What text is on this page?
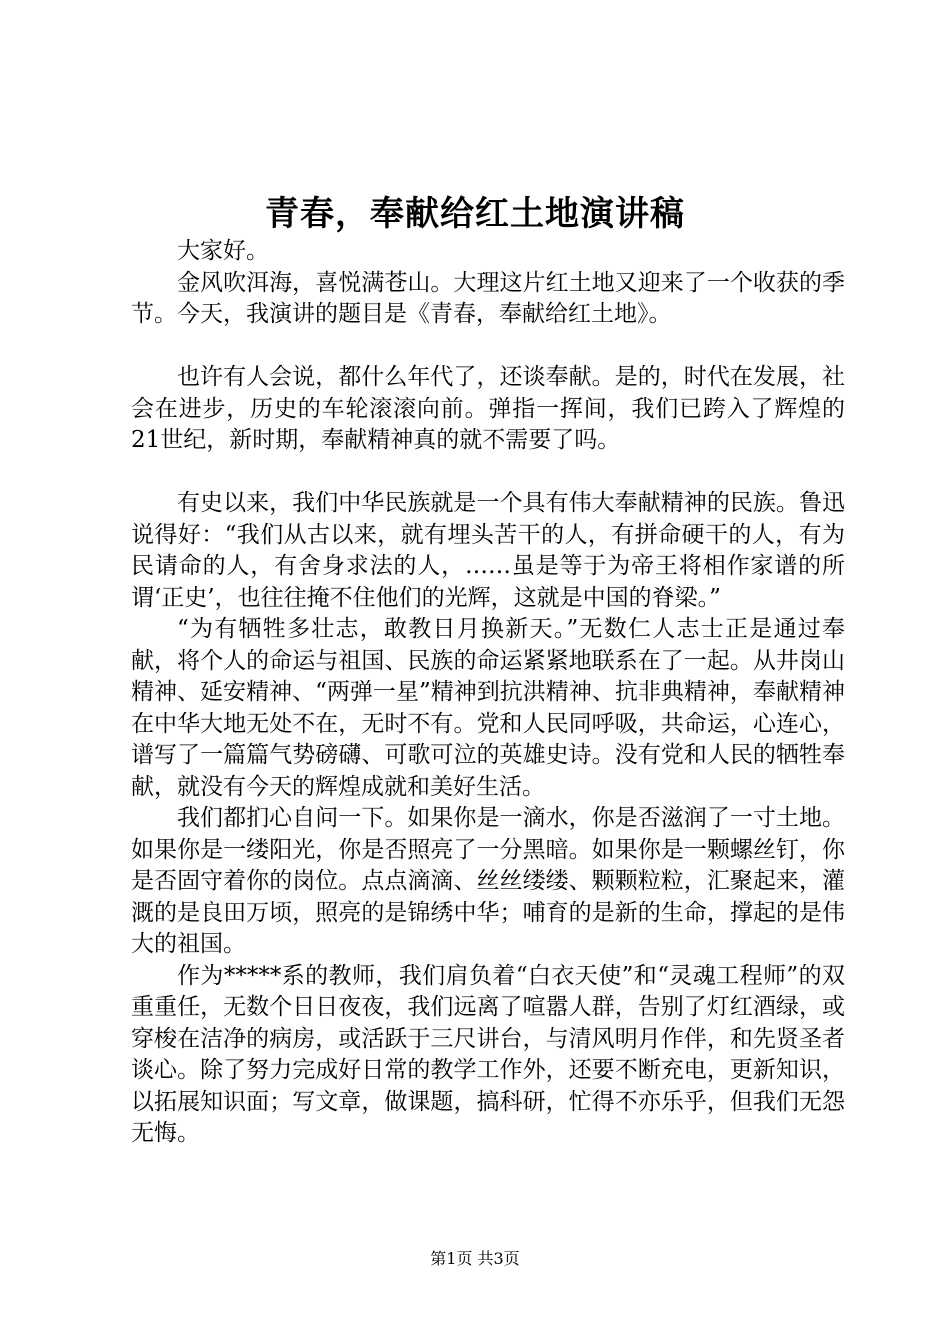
青春，奉献给红土地演讲稿

大家好。

金风吹洱海，喜悦满苍山。大理这片红土地又迎来了一个收获的季节。今天，我演讲的题目是《青春，奉献给红土地》。

也许有人会说，都什么年代了，还谈奉献。是的，时代在发展，社会在进步，历史的车轮滚滚向前。弹指一挥间，我们已跨入了辉煌的21世纪，新时期，奉献精神真的就不需要了吗。

有史以来，我们中华民族就是一个具有伟大奉献精神的民族。鲁迅说得好：“我们从古以来，就有埋头苦干的人，有拼命硬干的人，有为民请命的人，有舍身求法的人，……虽是等于为帝王将相作家谱的所谓‘正史’，也往往掩不住他们的光辉，这就是中国的脊梁。”

“为有牺牲多壮志，敢教日月换新天。”无数仁人志士正是通过奉献，将个人的命运与祖国、民族的命运紧紧地联系在了一起。从井岗山精神、延安精神、“两弹一星”精神到抗洪精神、抗非典精神，奉献精神在中华大地无处不在，无时不有。党和人民同呼吸，共命运，心连心，谱写了一篇篇气势磅礴、可歌可泣的英雄史诗。没有党和人民的牺牲奉献，就没有今天的辉煌成就和美好生活。

我们都扪心自问一下。如果你是一滴水，你是否滋润了一寸土地。如果你是一缕阳光，你是否照亮了一分黑暗。如果你是一颗螺丝钉，你是否固守着你的岗位。点点滴滴、丝丝缕缕、颗颗粒粒，汇聚起来，灌溉的是良田万顷，照亮的是锦绣中华；哺育的是新的生命，撑起的是伟大的祖国。

作为*****系的教师，我们肩负着“白衣天使”和“灵魂工程师”的双重重任，无数个日日夜夜，我们远离了喧嚣人群，告别了灯红酒绿，或穿梭在洁净的病房，或活跃于三尺讲台，与清风明月作伴，和先贤圣者谈心。除了努力完成好日常的教学工作外，还要不断充电，更新知识，以拓展知识面；写文章，做课题，搞科研，忙得不亦乐乎，但我们无怨无悔。

第1页 共3页
